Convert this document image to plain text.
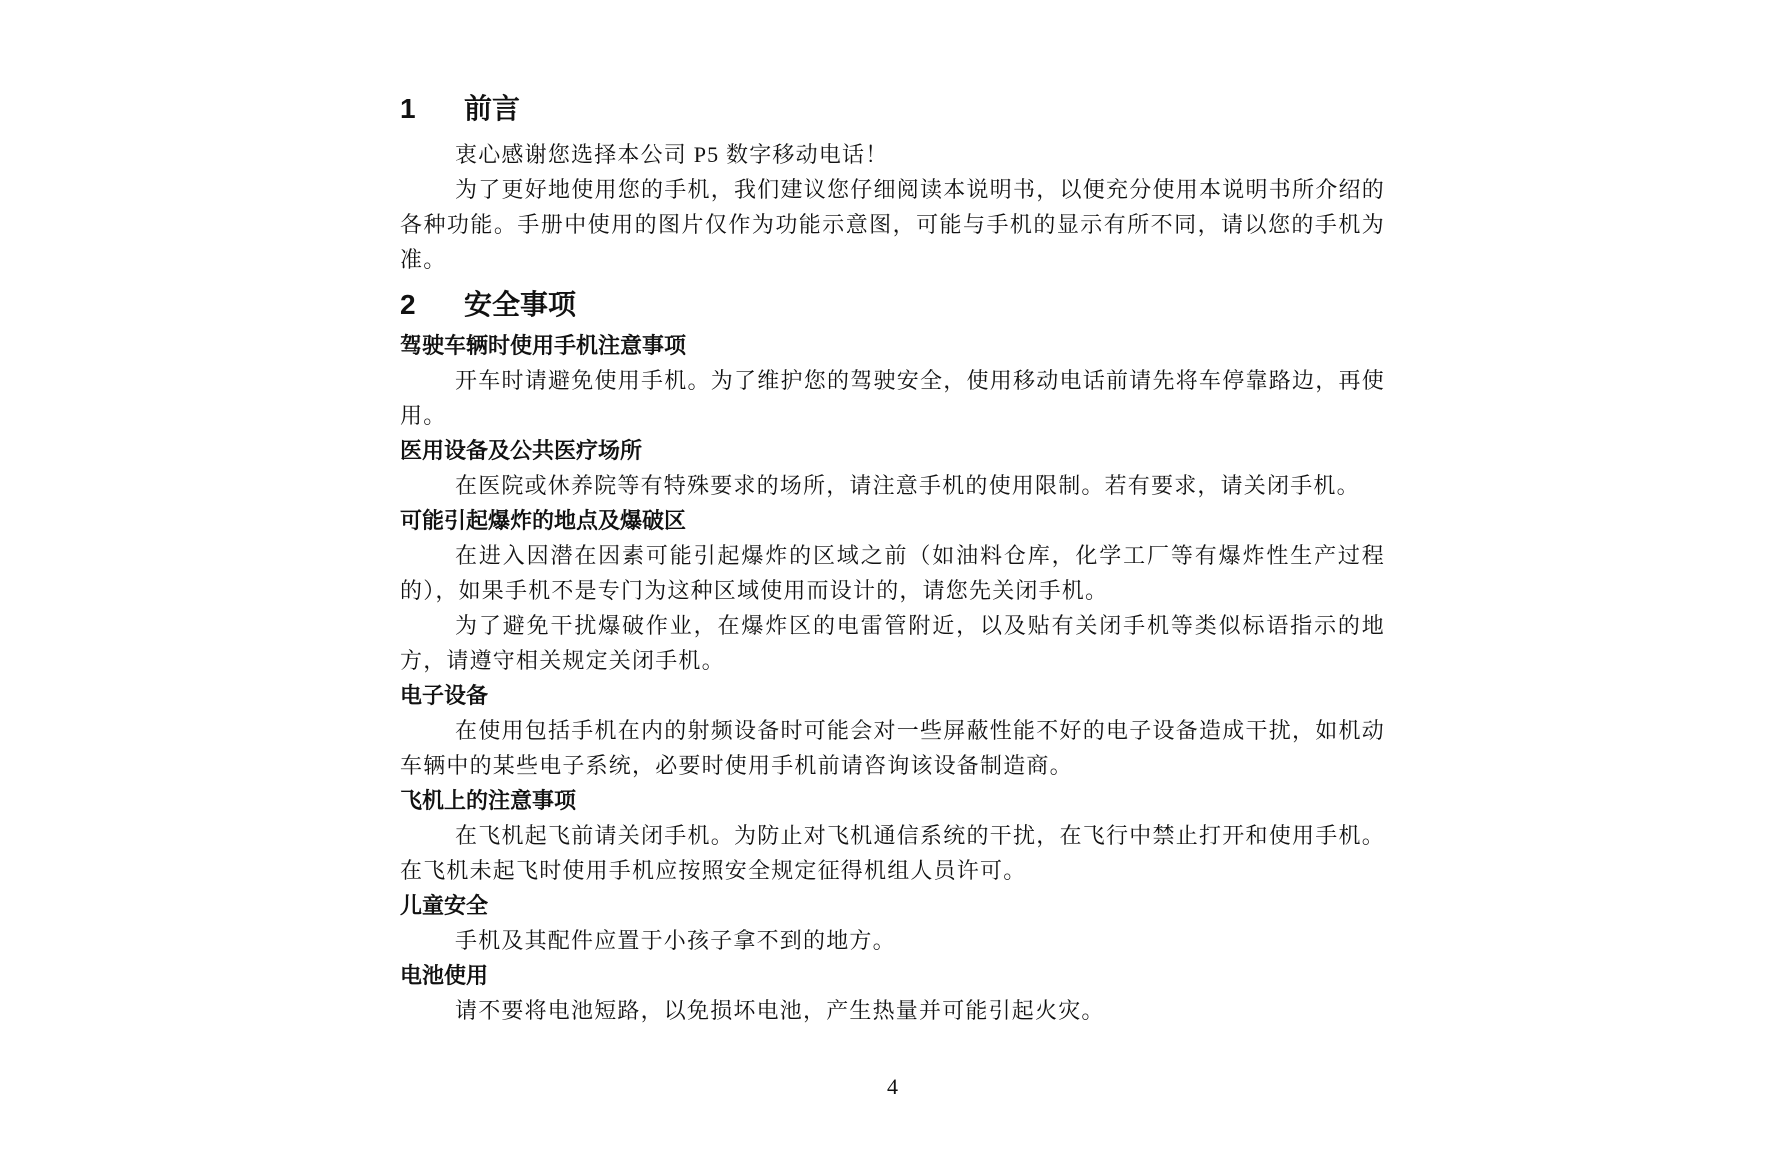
1 前言

衷心感谢您选择本公司 P5 数字移动电话！

为了更好地使用您的手机，我们建议您仔细阅读本说明书，以便充分使用本说明书所介绍的各种功能。手册中使用的图片仅作为功能示意图，可能与手机的显示有所不同，请以您的手机为准。

2 安全事项
驾驶车辆时使用手机注意事项

开车时请避免使用手机。为了维护您的驾驶安全，使用移动电话前请先将车停靠路边，再使用。

医用设备及公共医疗场所

在医院或休养院等有特殊要求的场所，请注意手机的使用限制。若有要求，请关闭手机。

可能引起爆炸的地点及爆破区

在进入因潜在因素可能引起爆炸的区域之前（如油料仓库，化学工厂等有爆炸性生产过程的），如果手机不是专门为这种区域使用而设计的，请您先关闭手机。

为了避免干扰爆破作业，在爆炸区的电雷管附近，以及贴有关闭手机等类似标语指示的地方，请遵守相关规定关闭手机。

电子设备

在使用包括手机在内的射频设备时可能会对一些屏蔽性能不好的电子设备造成干扰，如机动车辆中的某些电子系统，必要时使用手机前请咨询该设备制造商。

飞机上的注意事项

在飞机起飞前请关闭手机。为防止对飞机通信系统的干扰，在飞行中禁止打开和使用手机。在飞机未起飞时使用手机应按照安全规定征得机组人员许可。

儿童安全

手机及其配件应置于小孩子拿不到的地方。

电池使用

请不要将电池短路，以免损坏电池，产生热量并可能引起火灾。

4
